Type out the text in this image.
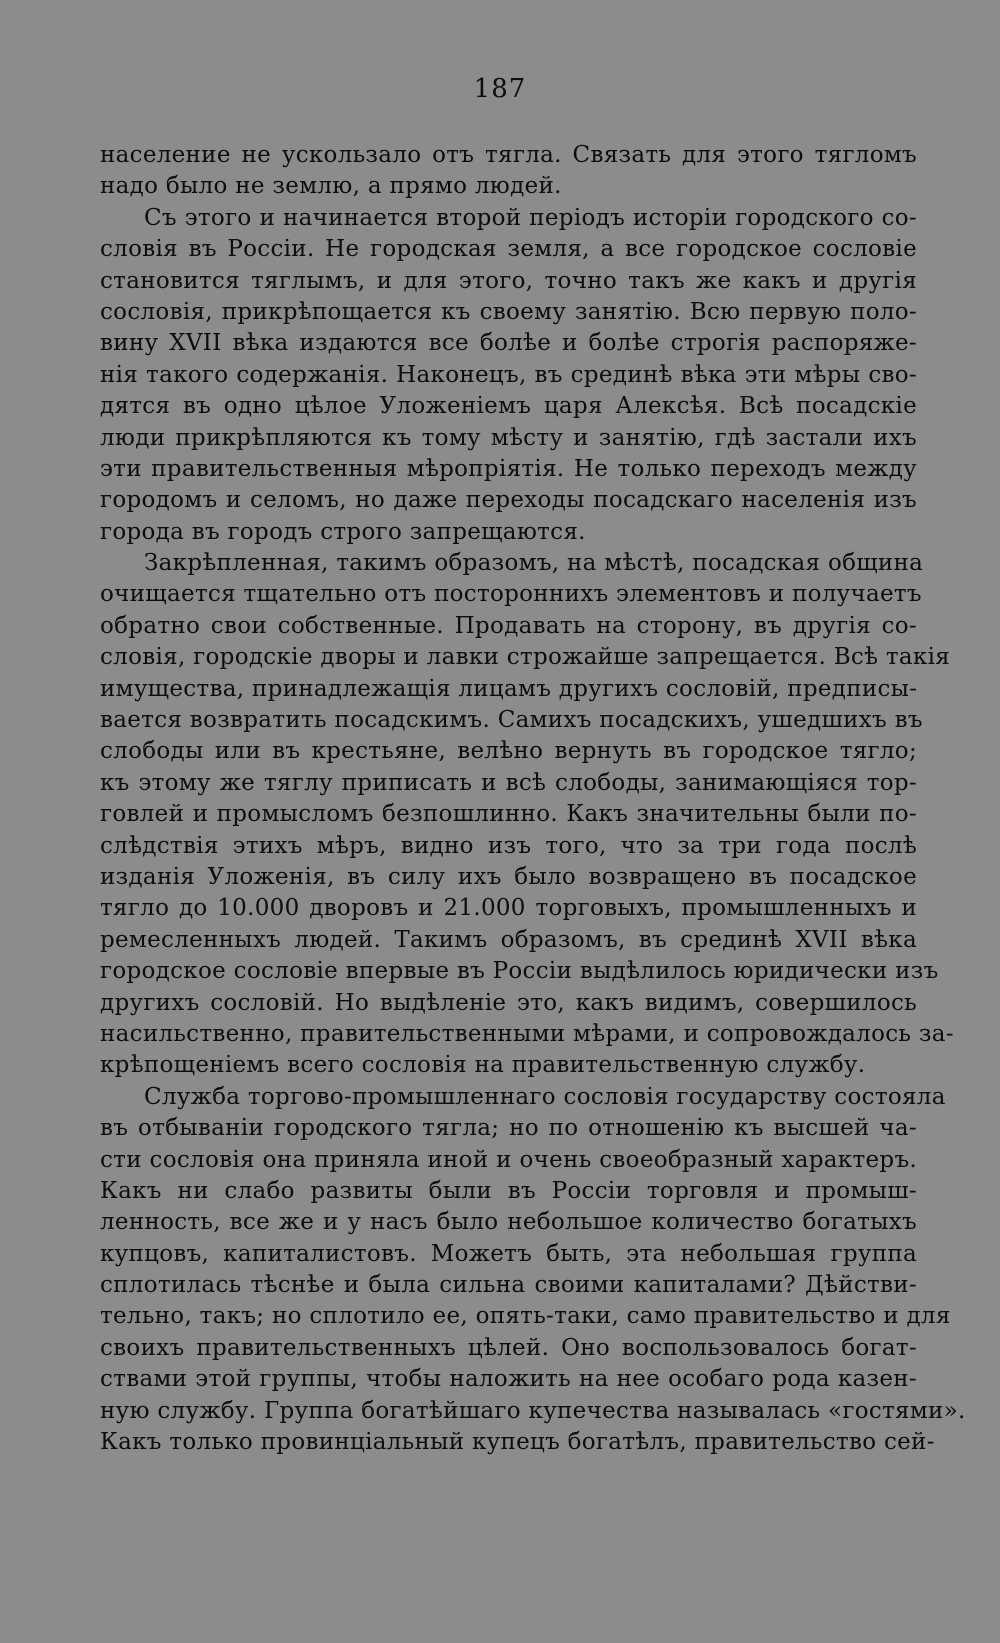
187
население не ускользало отъ тягла. Связать для этого тягломъ
надо было не землю, а прямо людей.
Съ этого и начинается второй періодъ исторіи городского со-
словія въ Россіи. Не городская земля, а все городское сословіе
становится тяглымъ, и для этого, точно такъ же какъ и другія
сословія, прикрѣпощается къ своему занятію. Всю первую поло-
вину XVII вѣка издаются все болѣе и болѣе строгія распоряже-
нія такого содержанія. Наконецъ, въ срединѣ вѣка эти мѣры сво-
дятся въ одно цѣлое Уложеніемъ царя Алексѣя. Всѣ посадскіе
люди прикрѣпляются къ тому мѣсту и занятію, гдѣ застали ихъ
эти правительственныя мѣропріятія. Не только переходъ между
городомъ и селомъ, но даже переходы посадскаго населенія изъ
города въ городъ строго запрещаются.
Закрѣпленная, такимъ образомъ, на мѣстѣ, посадская община
очищается тщательно отъ постороннихъ элементовъ и получаетъ
обратно свои собственные. Продавать на сторону, въ другія со-
словія, городскіе дворы и лавки строжайше запрещается. Всѣ такія
имущества, принадлежащія лицамъ другихъ сословій, предписы-
вается возвратить посадскимъ. Самихъ посадскихъ, ушедшихъ въ
слободы или въ крестьяне, велѣно вернуть въ городское тягло;
къ этому же тяглу приписать и всѣ слободы, занимающіяся тор-
говлей и промысломъ безпошлинно. Какъ значительны были по-
слѣдствія этихъ мѣръ, видно изъ того, что за три года послѣ
изданія Уложенія, въ силу ихъ было возвращено въ посадское
тягло до 10.000 дворовъ и 21.000 торговыхъ, промышленныхъ и
ремесленныхъ людей. Такимъ образомъ, въ срединѣ XVII вѣка
городское сословіе впервые въ Россіи выдѣлилось юридически изъ
другихъ сословій. Но выдѣленіе это, какъ видимъ, совершилось
насильственно, правительственными мѣрами, и сопровождалось за-
крѣпощеніемъ всего сословія на правительственную службу.
Служба торгово-промышленнаго сословія государству состояла
въ отбываніи городского тягла; но по отношенію къ высшей ча-
сти сословія она приняла иной и очень своеобразный характеръ.
Какъ ни слабо развиты были въ Россіи торговля и промыш-
ленность, все же и у насъ было небольшое количество богатыхъ
купцовъ, капиталистовъ. Можетъ быть, эта небольшая группа
сплотилась тѣснѣе и была сильна своими капиталами? Дѣйстви-
тельно, такъ; но сплотило ее, опять-таки, само правительство и для
своихъ правительственныхъ цѣлей. Оно воспользовалось богат-
ствами этой группы, чтобы наложить на нее особаго рода казен-
ную службу. Группа богатѣйшаго купечества называлась «гостями».
Какъ только провинціальный купецъ богатѣлъ, правительство сей-
